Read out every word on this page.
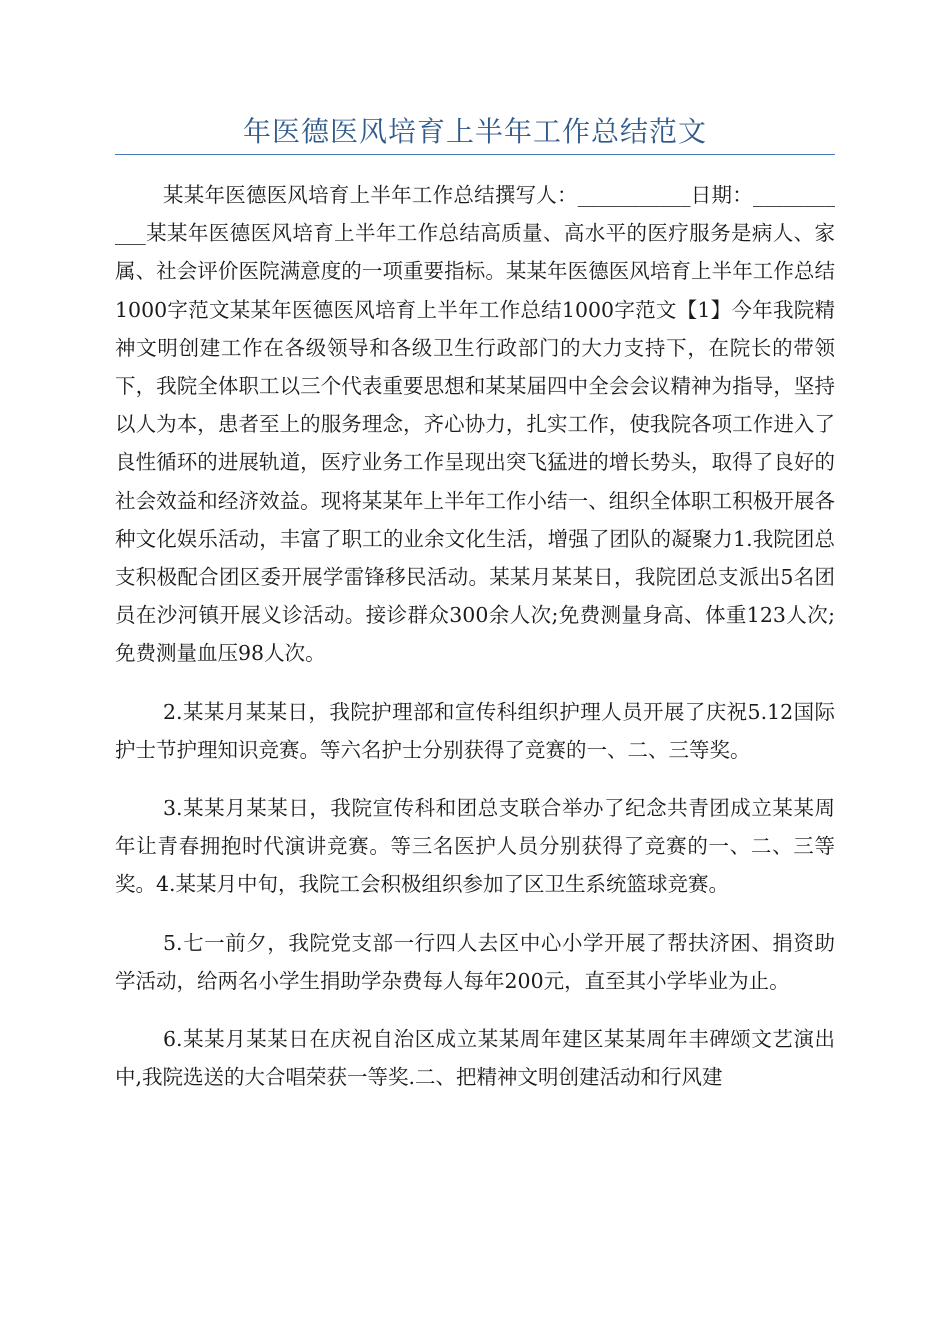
年医德医风培育上半年工作总结范文

某某年医德医风培育上半年工作总结撰写人：___________日期：___________某某年医德医风培育上半年工作总结高质量、高水平的医疗服务是病人、家属、社会评价医院满意度的一项重要指标。某某年医德医风培育上半年工作总结1000字范文某某年医德医风培育上半年工作总结1000字范文【1】今年我院精神文明创建工作在各级领导和各级卫生行政部门的大力支持下，在院长的带领下，我院全体职工以三个代表重要思想和某某届四中全会会议精神为指导，坚持以人为本，患者至上的服务理念，齐心协力，扎实工作，使我院各项工作进入了良性循环的进展轨道，医疗业务工作呈现出突飞猛进的增长势头，取得了良好的社会效益和经济效益。现将某某年上半年工作小结一、组织全体职工积极开展各种文化娱乐活动，丰富了职工的业余文化生活，增强了团队的凝聚力1.我院团总支积极配合团区委开展学雷锋移民活动。某某月某某日，我院团总支派出5名团员在沙河镇开展义诊活动。接诊群众300余人次;免费测量身高、体重123人次;免费测量血压98人次。

2.某某月某某日，我院护理部和宣传科组织护理人员开展了庆祝5.12国际护士节护理知识竞赛。等六名护士分别获得了竞赛的一、二、三等奖。

3.某某月某某日，我院宣传科和团总支联合举办了纪念共青团成立某某周年让青春拥抱时代演讲竞赛。等三名医护人员分别获得了竞赛的一、二、三等奖。4.某某月中旬，我院工会积极组织参加了区卫生系统篮球竞赛。

5.七一前夕，我院党支部一行四人去区中心小学开展了帮扶济困、捐资助学活动，给两名小学生捐助学杂费每人每年200元，直至其小学毕业为止。

6.某某月某某日在庆祝自治区成立某某周年建区某某周年丰碑颂文艺演出中,我院选送的大合唱荣获一等奖.二、把精神文明创建活动和行风建
